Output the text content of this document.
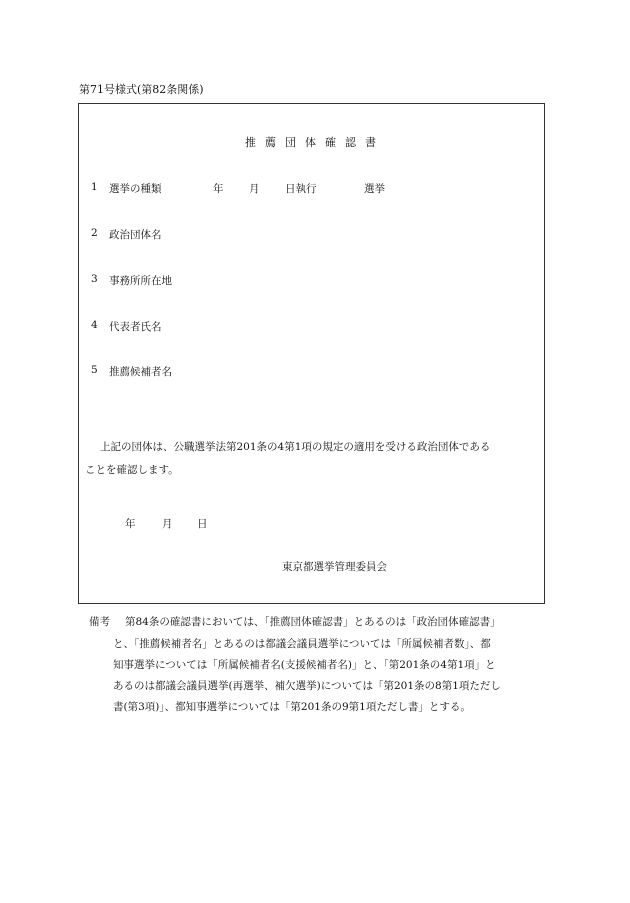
第71号様式(第82条関係)
推薦団体確認書
1 選挙の種類	年 月 日執行	選挙
2 政治団体名
3 事務所所在地
4 代表者氏名
5 推薦候補者名
上記の団体は、公職選挙法第201条の4第1項の規定の適用を受ける政治団体である
ことを確認します。
年	月 日
東京都選挙管理委員会
備考 第84条の確認書においては、「推薦団体確認書」とあるのは「政治団体確認書」
と、「推薦候補者名」とあるのは都議会議員選挙については「所属候補者数」、都
知事選挙については「所属候補者名(支援候補者名)」と、「第201条の4第1項」と
あるのは都議会議員選挙(再選挙、補欠選挙)については「第201条の8第1項ただし
書(第3項)」、都知事選挙については「第201条の9第1項ただし書」とする。
